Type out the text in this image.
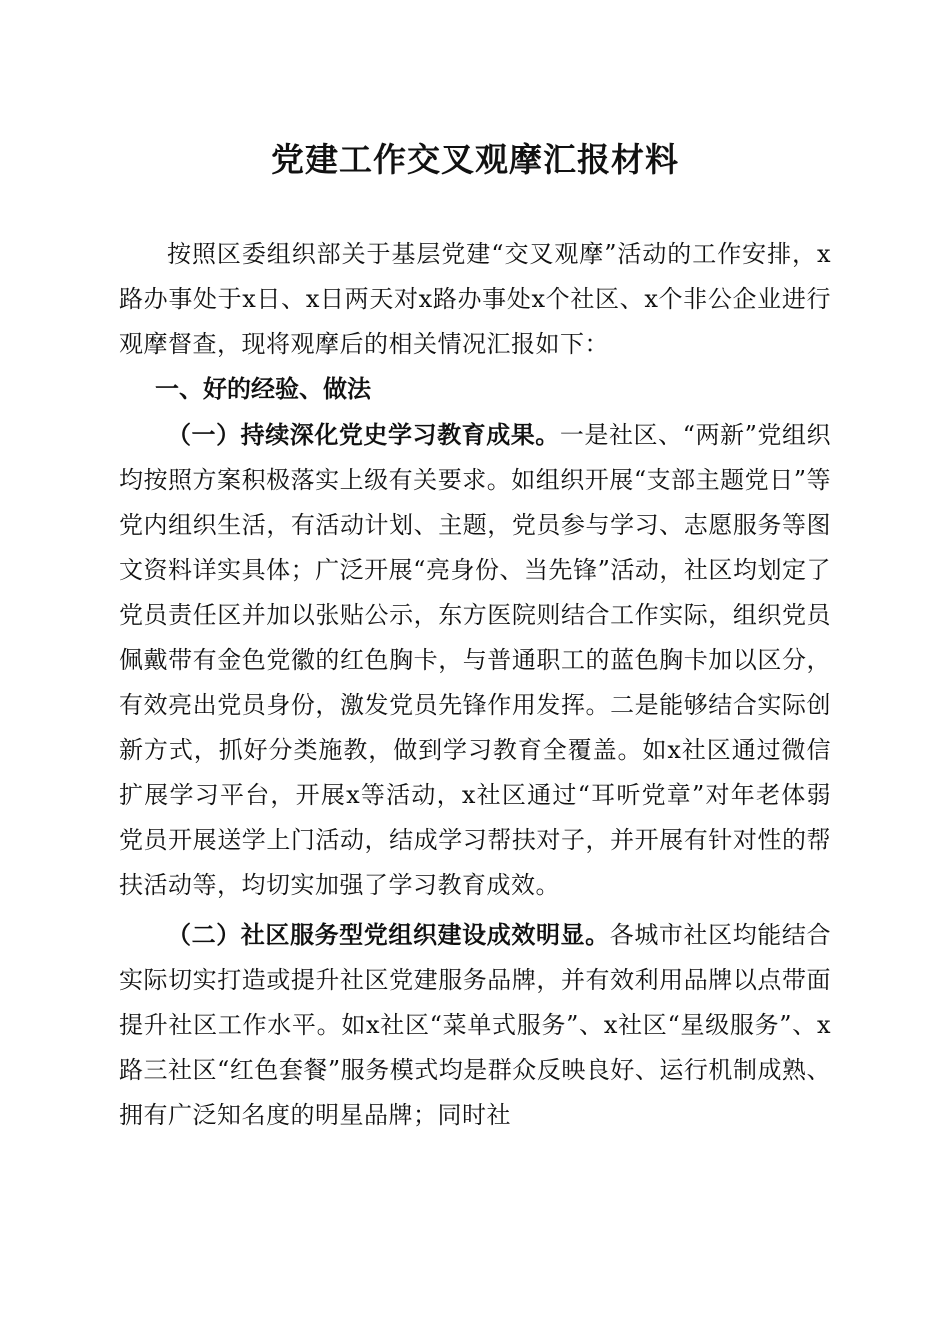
党建工作交叉观摩汇报材料

按照区委组织部关于基层党建“交叉观摩”活动的工作安排，x路办事处于x日、x日两天对x路办事处x个社区、x个非公企业进行观摩督查，现将观摩后的相关情况汇报如下：

一、好的经验、做法

（一）持续深化党史学习教育成果。一是社区、“两新”党组织均按照方案积极落实上级有关要求。如组织开展“支部主题党日”等党内组织生活，有活动计划、主题，党员参与学习、志愿服务等图文资料详实具体；广泛开展“亮身份、当先锋”活动，社区均划定了党员责任区并加以张贴公示，东方医院则结合工作实际，组织党员佩戴带有金色党徽的红色胸卡，与普通职工的蓝色胸卡加以区分，有效亮出党员身份，激发党员先锋作用发挥。二是能够结合实际创新方式，抓好分类施教，做到学习教育全覆盖。如x社区通过微信扩展学习平台，开展x等活动，x社区通过“耳听党章”对年老体弱党员开展送学上门活动，结成学习帮扶对子，并开展有针对性的帮扶活动等，均切实加强了学习教育成效。

（二）社区服务型党组织建设成效明显。各城市社区均能结合实际切实打造或提升社区党建服务品牌，并有效利用品牌以点带面提升社区工作水平。如x社区“菜单式服务”、x社区“星级服务”、x路三社区“红色套餐”服务模式均是群众反映良好、运行机制成熟、拥有广泛知名度的明星品牌；同时社
